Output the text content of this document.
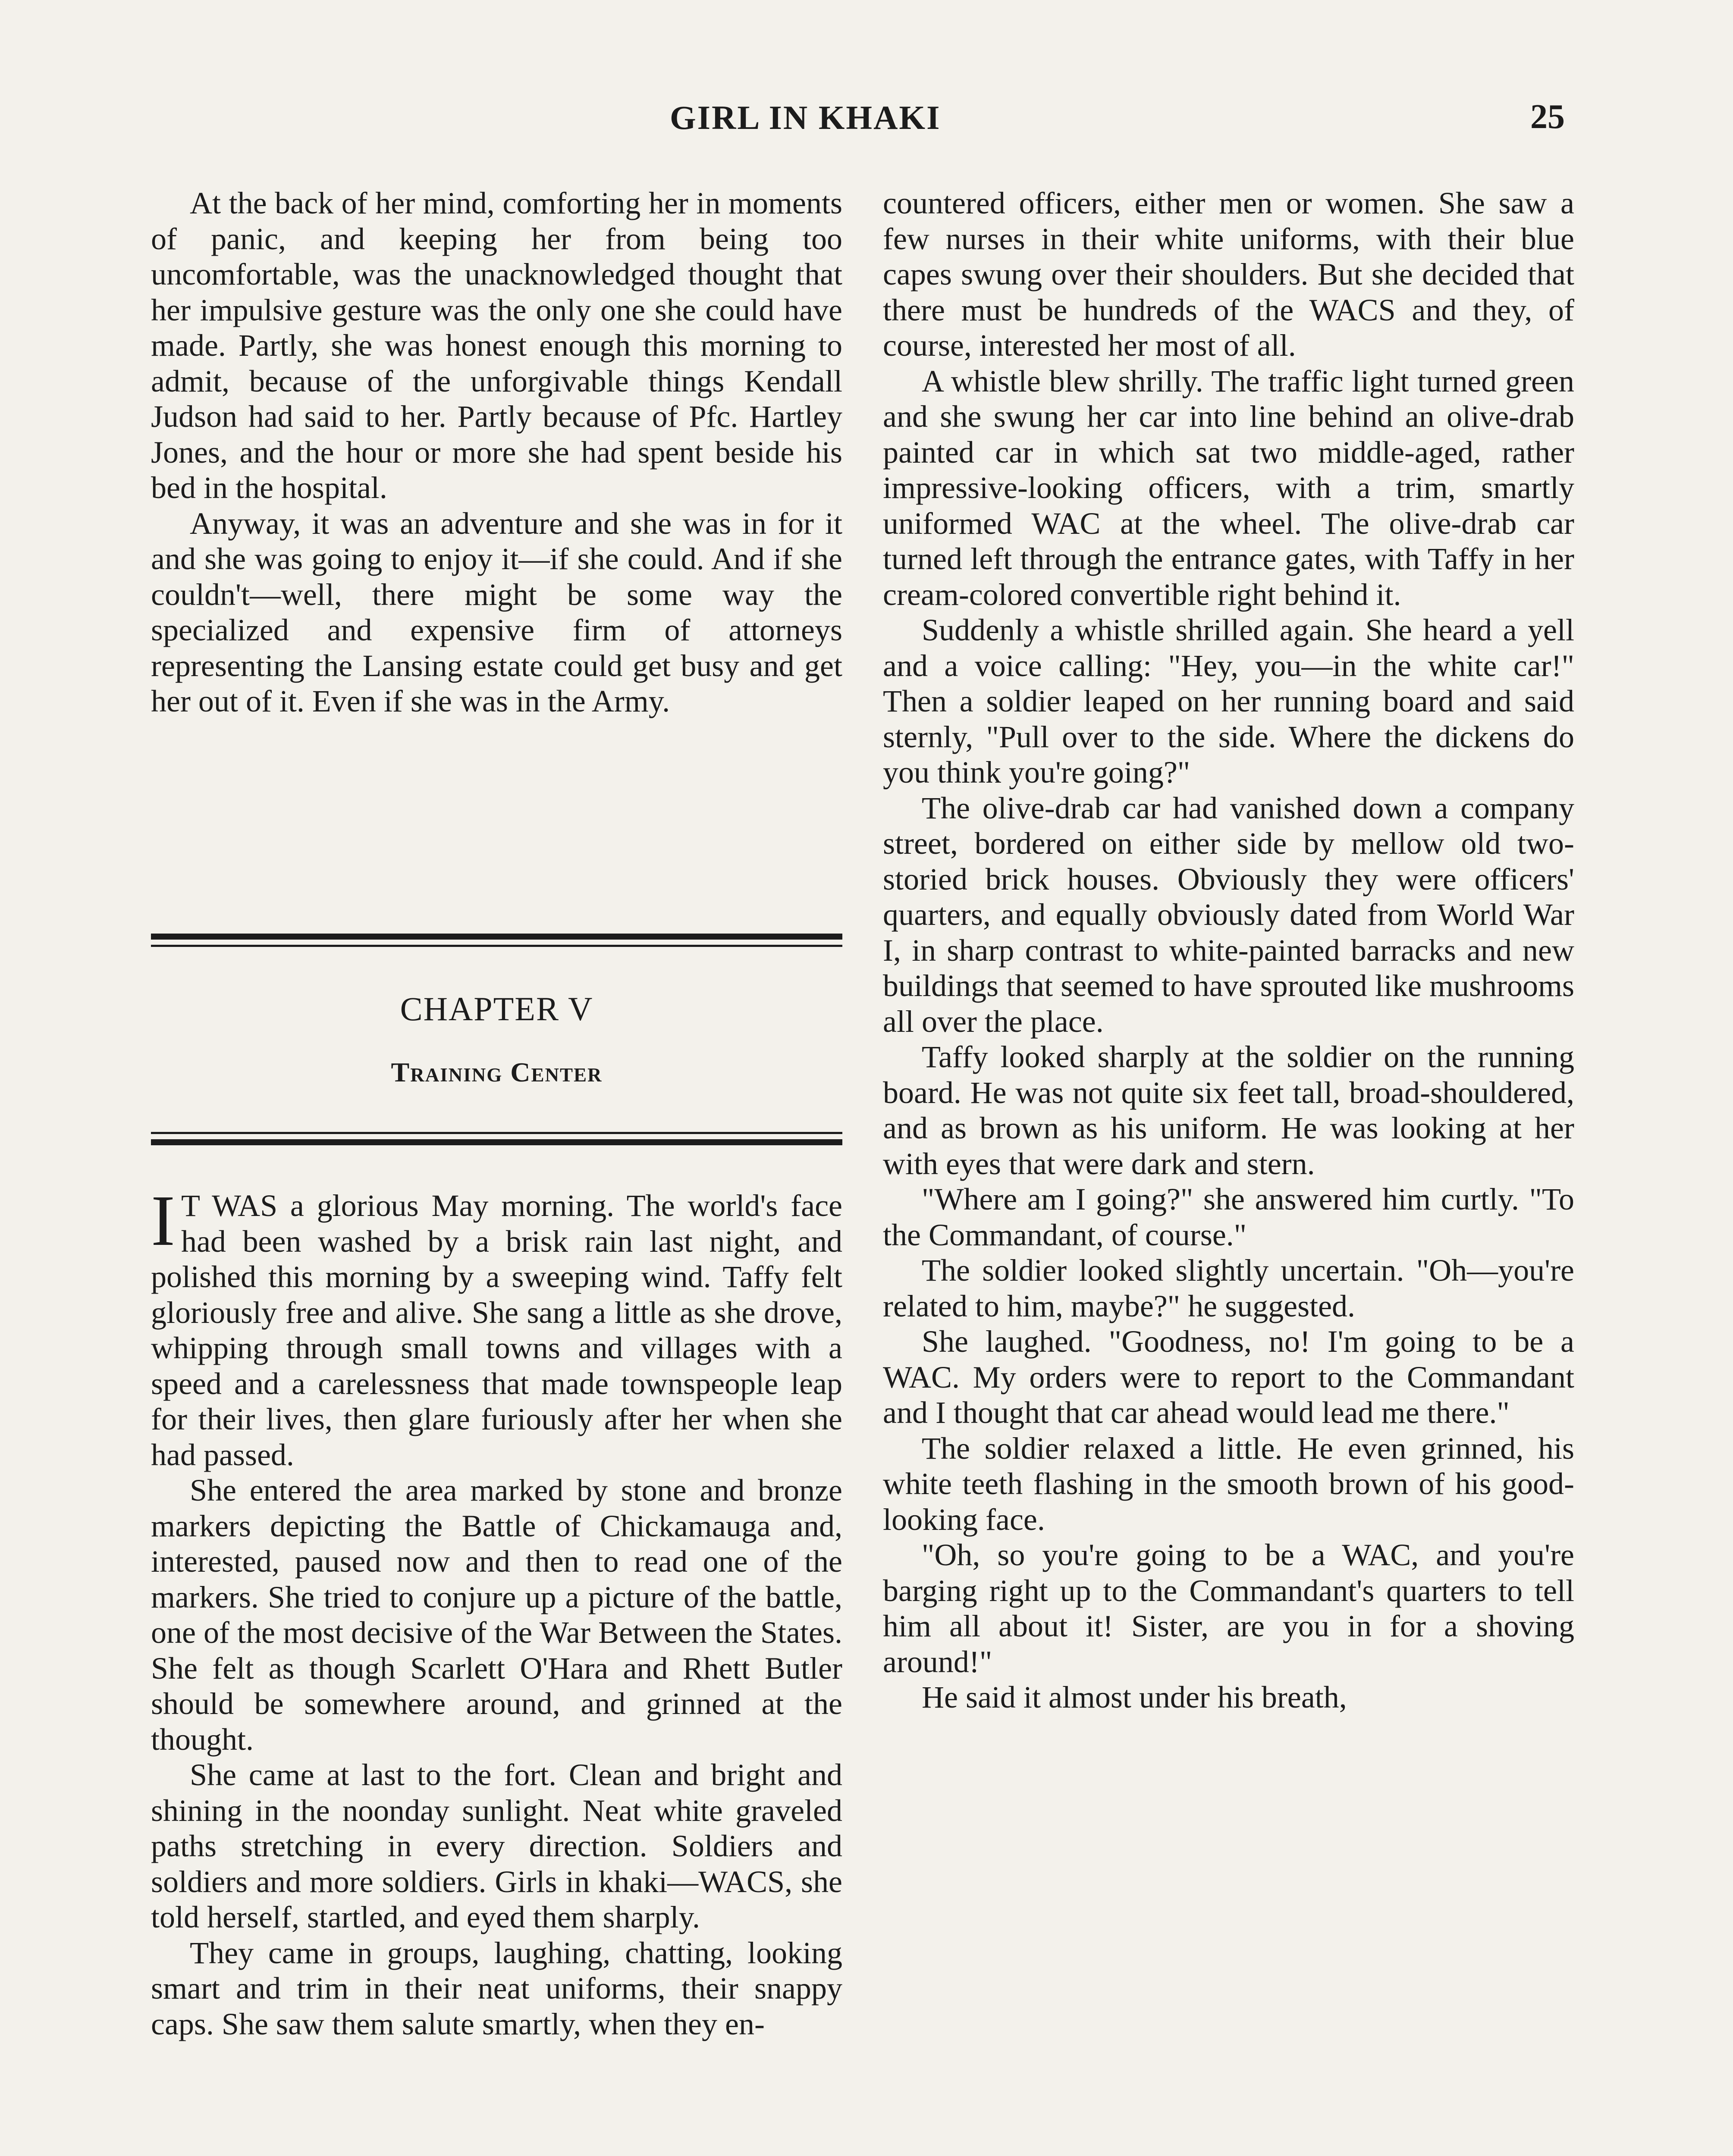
GIRL IN KHAKI	25

At the back of her mind, comforting her in moments of panic, and keeping her from being too uncomfortable, was the unacknowledged thought that her impulsive gesture was the only one she could have made. Partly, she was honest enough this morning to admit, because of the unforgivable things Kendall Judson had said to her. Partly because of Pfc. Hartley Jones, and the hour or more she had spent beside his bed in the hospital.

Anyway, it was an adventure and she was in for it and she was going to enjoy it—if she could. And if she couldn't—well, there might be some way the specialized and expensive firm of attorneys representing the Lansing estate could get busy and get her out of it. Even if she was in the Army.

CHAPTER V
Training Center

I T WAS a glorious May morning. The world's face had been washed by a brisk rain last night, and polished this morning by a sweeping wind. Taffy felt gloriously free and alive. She sang a little as she drove, whipping through small towns and villages with a speed and a carelessness that made townspeople leap for their lives, then glare furiously after her when she had passed.

She entered the area marked by stone and bronze markers depicting the Battle of Chickamauga and, interested, paused now and then to read one of the markers. She tried to conjure up a picture of the battle, one of the most decisive of the War Between the States. She felt as though Scarlett O'Hara and Rhett Butler should be somewhere around, and grinned at the thought.

She came at last to the fort. Clean and bright and shining in the noonday sunlight. Neat white graveled paths stretching in every direction. Soldiers and soldiers and more soldiers. Girls in khaki—WACS, she told herself, startled, and eyed them sharply.

They came in groups, laughing, chatting, looking smart and trim in their neat uniforms, their snappy caps. She saw them salute smartly, when they en-

countered officers, either men or women. She saw a few nurses in their white uniforms, with their blue capes swung over their shoulders. But she decided that there must be hundreds of the WACS and they, of course, interested her most of all.

A whistle blew shrilly. The traffic light turned green and she swung her car into line behind an olive-drab painted car in which sat two middle-aged, rather impressive-looking officers, with a trim, smartly uniformed WAC at the wheel. The olive-drab car turned left through the entrance gates, with Taffy in her cream-colored convertible right behind it.

Suddenly a whistle shrilled again. She heard a yell and a voice calling: "Hey, you—in the white car!" Then a soldier leaped on her running board and said sternly, "Pull over to the side. Where the dickens do you think you're going?"

The olive-drab car had vanished down a company street, bordered on either side by mellow old two-storied brick houses. Obviously they were officers' quarters, and equally obviously dated from World War I, in sharp contrast to white-painted barracks and new buildings that seemed to have sprouted like mushrooms all over the place.

Taffy looked sharply at the soldier on the running board. He was not quite six feet tall, broad-shouldered, and as brown as his uniform. He was looking at her with eyes that were dark and stern.

"Where am I going?" she answered him curtly. "To the Commandant, of course."

The soldier looked slightly uncertain. "Oh—you're related to him, maybe?" he suggested.

She laughed. "Goodness, no! I'm going to be a WAC. My orders were to report to the Commandant and I thought that car ahead would lead me there."

The soldier relaxed a little. He even grinned, his white teeth flashing in the smooth brown of his good-looking face.

"Oh, so you're going to be a WAC, and you're barging right up to the Commandant's quarters to tell him all about it! Sister, are you in for a shoving around!"

He said it almost under his breath,
